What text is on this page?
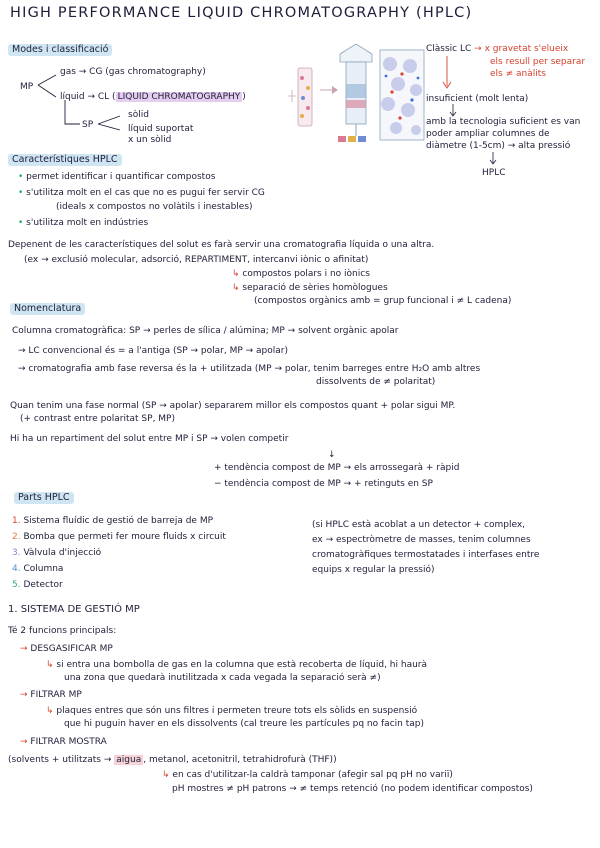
HIGH PERFORMANCE LIQUID CHROMATOGRAPHY (HPLC)
Modes i classificació
MP
gas → CG (gas chromatography)
líquid → CL ( LIQUID CHROMATOGRAPHY )
SP
sòlid
líquid suportat
x un sòlid
Clàssic LC → x gravetat s'elueix
els resull per separar
els ≠ anàlits
insuficient (molt lenta)
amb la tecnologia suficient es van
poder ampliar columnes de
diàmetre (1-5cm) → alta pressió
HPLC
Característiques HPLC
• permet identificar i quantificar compostos
• s'utilitza molt en el cas que no es pugui fer servir CG
(ideals x compostos no volàtils i inestables)
• s'utilitza molt en indústries
Depenent de les característiques del solut es farà servir una cromatografia líquida o una altra.
(ex → exclusió molecular, adsorció, REPARTIMENT, intercanvi iònic o afinitat)
↳ compostos polars i no iònics
↳ separació de sèries homòlogues
(compostos orgànics amb = grup funcional i ≠ L cadena)
Nomenclatura
Columna cromatogràfica: SP → perles de sílica / alúmina; MP → solvent orgànic apolar
→ LC convencional és = a l'antiga (SP → polar, MP → apolar)
→ cromatografia amb fase reversa és la + utilitzada (MP → polar, tenim barreges entre H₂O amb altres
dissolvents de ≠ polaritat)
Quan tenim una fase normal (SP → apolar) separarem millor els compostos quant + polar sigui MP.
(+ contrast entre polaritat SP, MP)
Hi ha un repartiment del solut entre MP i SP → volen competir
↓
+ tendència compost de MP → els arrossegarà + ràpid
− tendència compost de MP → + retinguts en SP
Parts HPLC
1. Sistema fluídic de gestió de barreja de MP
2. Bomba que permeti fer moure fluids x circuit
3. Vàlvula d'injecció
4. Columna
5. Detector
(si HPLC està acoblat a un detector + complex,
ex → espectròmetre de masses, tenim columnes
cromatogràfiques termostatades i interfases entre
equips x regular la pressió)
1. SISTEMA DE GESTIÓ MP
Té 2 funcions principals:
→ DESGASIFICAR MP
↳ si entra una bombolla de gas en la columna que està recoberta de líquid, hi haurà
una zona que quedarà inutilitzada x cada vegada la separació serà ≠)
→ FILTRAR MP
↳ plaques entres que són uns filtres i permeten treure tots els sòlids en suspensió
que hi puguin haver en els dissolvents (cal treure les partícules pq no facin tap)
→ FILTRAR MOSTRA
(solvents + utilitzats → aigua , metanol, acetonitril, tetrahidrofurà (THF))
↳ en cas d'utilitzar-la caldrà tamponar (afegir sal pq pH no variï)
pH mostres ≠ pH patrons → ≠ temps retenció (no podem identificar compostos)
